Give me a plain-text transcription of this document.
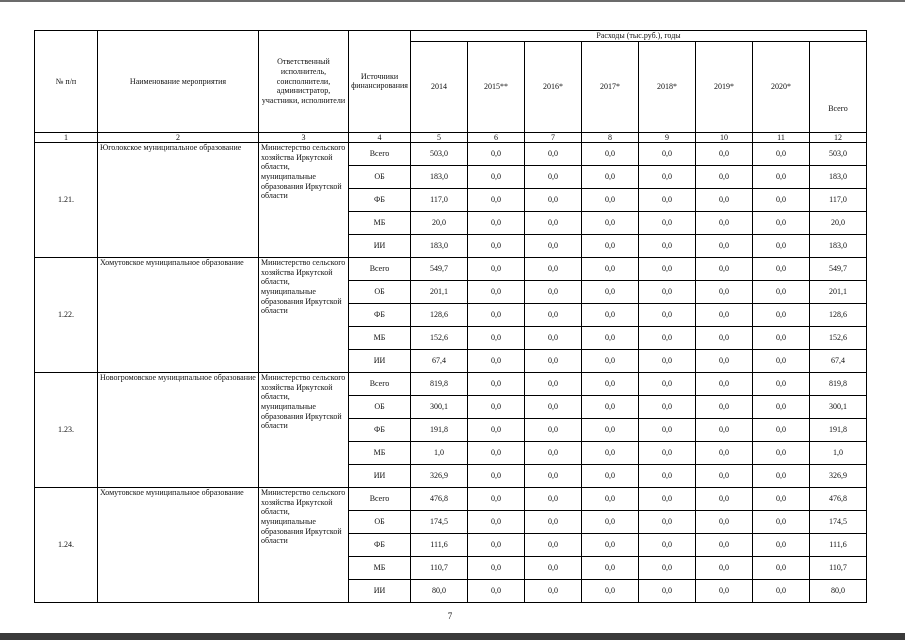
№ п/п	Наименование мероприятия	Ответственный исполнитель, соисполнители, администратор, участники, исполнители	Источники финансирования	Расходы (тыс.руб.), годы							
				2014	2015**	2016*	2017*	2018*	2019*	2020*	Всего
1	2	3	4	5	6	7	8	9	10	11	12
1.21.	Юголокское муниципальное образование	Министерство сельского хозяйства Иркутской области, муниципальные образования Иркутской области	Всего	503,0	0,0	0,0	0,0	0,0	0,0	0,0	503,0
			ОБ	183,0	0,0	0,0	0,0	0,0	0,0	0,0	183,0
			ФБ	117,0	0,0	0,0	0,0	0,0	0,0	0,0	117,0
			МБ	20,0	0,0	0,0	0,0	0,0	0,0	0,0	20,0
			ИИ	183,0	0,0	0,0	0,0	0,0	0,0	0,0	183,0
1.22.	Хомутовское муниципальное образование	Министерство сельского хозяйства Иркутской области, муниципальные образования Иркутской области	Всего	549,7	0,0	0,0	0,0	0,0	0,0	0,0	549,7
			ОБ	201,1	0,0	0,0	0,0	0,0	0,0	0,0	201,1
			ФБ	128,6	0,0	0,0	0,0	0,0	0,0	0,0	128,6
			МБ	152,6	0,0	0,0	0,0	0,0	0,0	0,0	152,6
			ИИ	67,4	0,0	0,0	0,0	0,0	0,0	0,0	67,4
1.23.	Новогромовское муниципальное образование	Министерство сельского хозяйства Иркутской области, муниципальные образования Иркутской области	Всего	819,8	0,0	0,0	0,0	0,0	0,0	0,0	819,8
			ОБ	300,1	0,0	0,0	0,0	0,0	0,0	0,0	300,1
			ФБ	191,8	0,0	0,0	0,0	0,0	0,0	0,0	191,8
			МБ	1,0	0,0	0,0	0,0	0,0	0,0	0,0	1,0
			ИИ	326,9	0,0	0,0	0,0	0,0	0,0	0,0	326,9
1.24.	Хомутовское муниципальное образование	Министерство сельского хозяйства Иркутской области, муниципальные образования Иркутской области	Всего	476,8	0,0	0,0	0,0	0,0	0,0	0,0	476,8
			ОБ	174,5	0,0	0,0	0,0	0,0	0,0	0,0	174,5
			ФБ	111,6	0,0	0,0	0,0	0,0	0,0	0,0	111,6
			МБ	110,7	0,0	0,0	0,0	0,0	0,0	0,0	110,7
			ИИ	80,0	0,0	0,0	0,0	0,0	0,0	0,0	80,0
7
